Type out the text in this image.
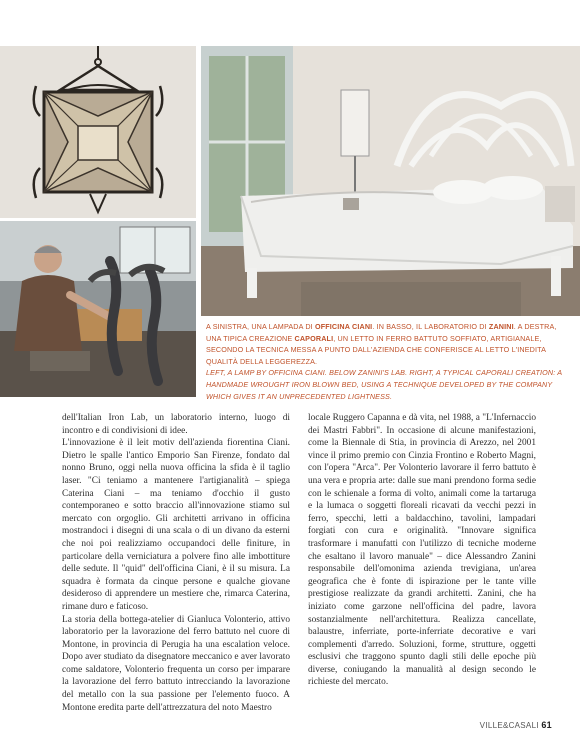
A SINISTRA, UNA LAMPADA DI OFFICINA CIANI. IN BASSO, IL LABORATORIO DI ZANINI. A DESTRA, UNA TIPICA CREAZIONE CAPORALI, UN LETTO IN FERRO BATTUTO SOFFIATO, ARTIGIANALE, SECONDO LA TECNICA MESSA A PUNTO DALL'AZIENDA CHE CONFERISCE AL LETTO L'INEDITA QUALITÀ DELLA LEGGEREZZA.

LEFT, A LAMP BY OFFICINA CIANI. BELOW ZANINI'S LAB. RIGHT, A TYPICAL CAPORALI CREATION: A HANDMADE WROUGHT IRON BLOWN BED, USING A TECHNIQUE DEVELOPED BY THE COMPANY WHICH GIVES IT AN UNPRECEDENTED LIGHTNESS.

dell'Italian Iron Lab, un laboratorio interno, luogo di incontro e di condivisioni di idee.

L'innovazione è il leit motiv dell'azienda fiorentina Ciani. Dietro le spalle l'antico Emporio San Firenze, fondato dal nonno Bruno, oggi nella nuova officina la sfida è il taglio laser. "Ci teniamo a mantenere l'artigianalità – spiega Caterina Ciani – ma teniamo d'occhio il gusto contemporaneo e sotto braccio all'innovazione stiamo sul mercato con orgoglio. Gli architetti arrivano in officina mostrandoci i disegni di una scala o di un divano da esterni che noi poi realizziamo occupandoci delle finiture, in particolare della verniciatura a polvere fino alle imbottiture delle sedute. Il "quid" dell'officina Ciani, è il su misura. La squadra è formata da cinque persone e qualche giovane desideroso di apprendere un mestiere che, rimarca Caterina, rimane duro e faticoso.

La storia della bottega-atelier di Gianluca Volonterio, attivo laboratorio per la lavorazione del ferro battuto nel cuore di Montone, in provincia di Perugia ha una escalation veloce. Dopo aver studiato da disegnatore meccanico e aver lavorato come saldatore, Volonterio frequenta un corso per imparare la lavorazione del ferro battuto intrecciando la lavorazione del metallo con la sua passione per l'elemento fuoco. A Montone eredita parte dell'attrezzatura del noto Maestro

locale Ruggero Capanna e dà vita, nel 1988, a "L'Infernaccio dei Mastri Fabbri". In occasione di alcune manifestazioni, come la Biennale di Stia, in provincia di Arezzo, nel 2001 vince il primo premio con Cinzia Frontino e Roberto Magni, con l'opera "Arca". Per Volonterio lavorare il ferro battuto è una vera e propria arte: dalle sue mani prendono forma sedie con le schienale a forma di volto, animali come la tartaruga e la lumaca o soggetti floreali ricavati da vecchi pezzi in ferro, specchi, letti a baldacchino, tavolini, lampadari forgiati con cura e originalità. "Innovare significa trasformare i manufatti con l'utilizzo di tecniche moderne che esaltano il lavoro manuale" – dice Alessandro Zanini responsabile dell'omonima azienda trevigiana, un'area geografica che è fonte di ispirazione per le tante ville prestigiose realizzate da grandi architetti. Zanini, che ha iniziato come garzone nell'officina del padre, lavora sostanzialmente nell'architettura. Realizza cancellate, balaustre, inferriate, porte-inferriate decorative e vari complementi d'arredo. Soluzioni, forme, strutture, oggetti esclusivi che traggono spunto dagli stili delle epoche più diverse, coniugando la manualità al design secondo le richieste del mercato.

VILLE&CASALI 61
